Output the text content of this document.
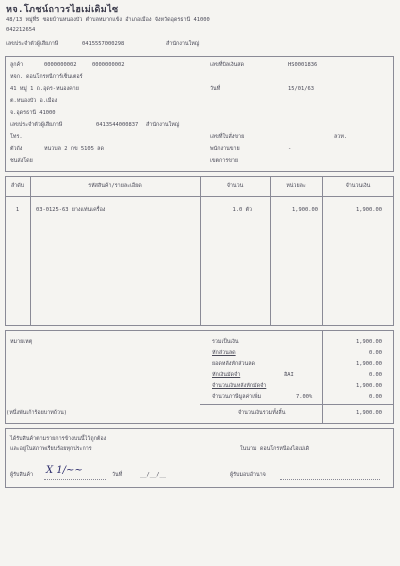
หจ.โภชน์ถาวรไฮเม่เดิมไซ
48/13 หมู่ที่5 ซอยบ้านหนองบัว ตำบลหมากแข้ง อำเภอเมือง จังหวัดอุดรธานี 41000
042212654
เลขประจำตัวผู้เสียภาษี	0415557000298	สำนักงานใหญ่
ลูกค้า	0000000002	0000000002	เลขที่บิลเงินสด	HS0001836
หจก. ดอนโกรหนีการ์เซ็นเตอร์
41 หมู่ 1 ถ.อุดร-หนองคาย	วันที่	15/01/63
ต.หนองบัว อ.เมือง
จ.อุดรธานี 41000
เลขประจำตัวผู้เสียภาษี	0413544000837 สำนักงานใหญ่
โทร.	เลขที่ใบสั่งขาย	ลวท.
ตัวถัง	หนวบล 2 กข 5105 ลด	พนักงานขาย	-
ชนส่งโดย	เขตการขาย
ลำดับ	รหัสสินค้า/รายละเอียด	จำนวน	หน่วยละ	จำนวนเงิน
1	03-0125-63 ยางแท่นเครื่อง	1.0 ตัว	1,900.00	1,900.00
หมายเหตุ
(หนึ่งพันเก้าร้อยบาทถ้วน)
รวมเป็นเงิน	1,900.00
หักส่วนลด	0.00
ยอดหลังหักส่วนลด	1,900.00
หักเงินมัดจำ	ฮิAI	0.00
จำนวนเงินหลังหักมัดจำ	1,900.00
จำนวนภาษีมูลค่าเพิ่ม	7.00%	0.00
จำนวนเงินรวมทั้งสิ้น	1,900.00
ได้รับสินค้าตามรายการข้างบนนี้ไว้ถูกต้อง
และอยู่ในสภาพเรียบร้อยทุกประการ	ในนาม ดอนโกรหนีองไฮเม่เดิ
ผู้รับสินค้า X 1/~~	วันที่	__/__/__	ผู้รับมอบอำนาจ
